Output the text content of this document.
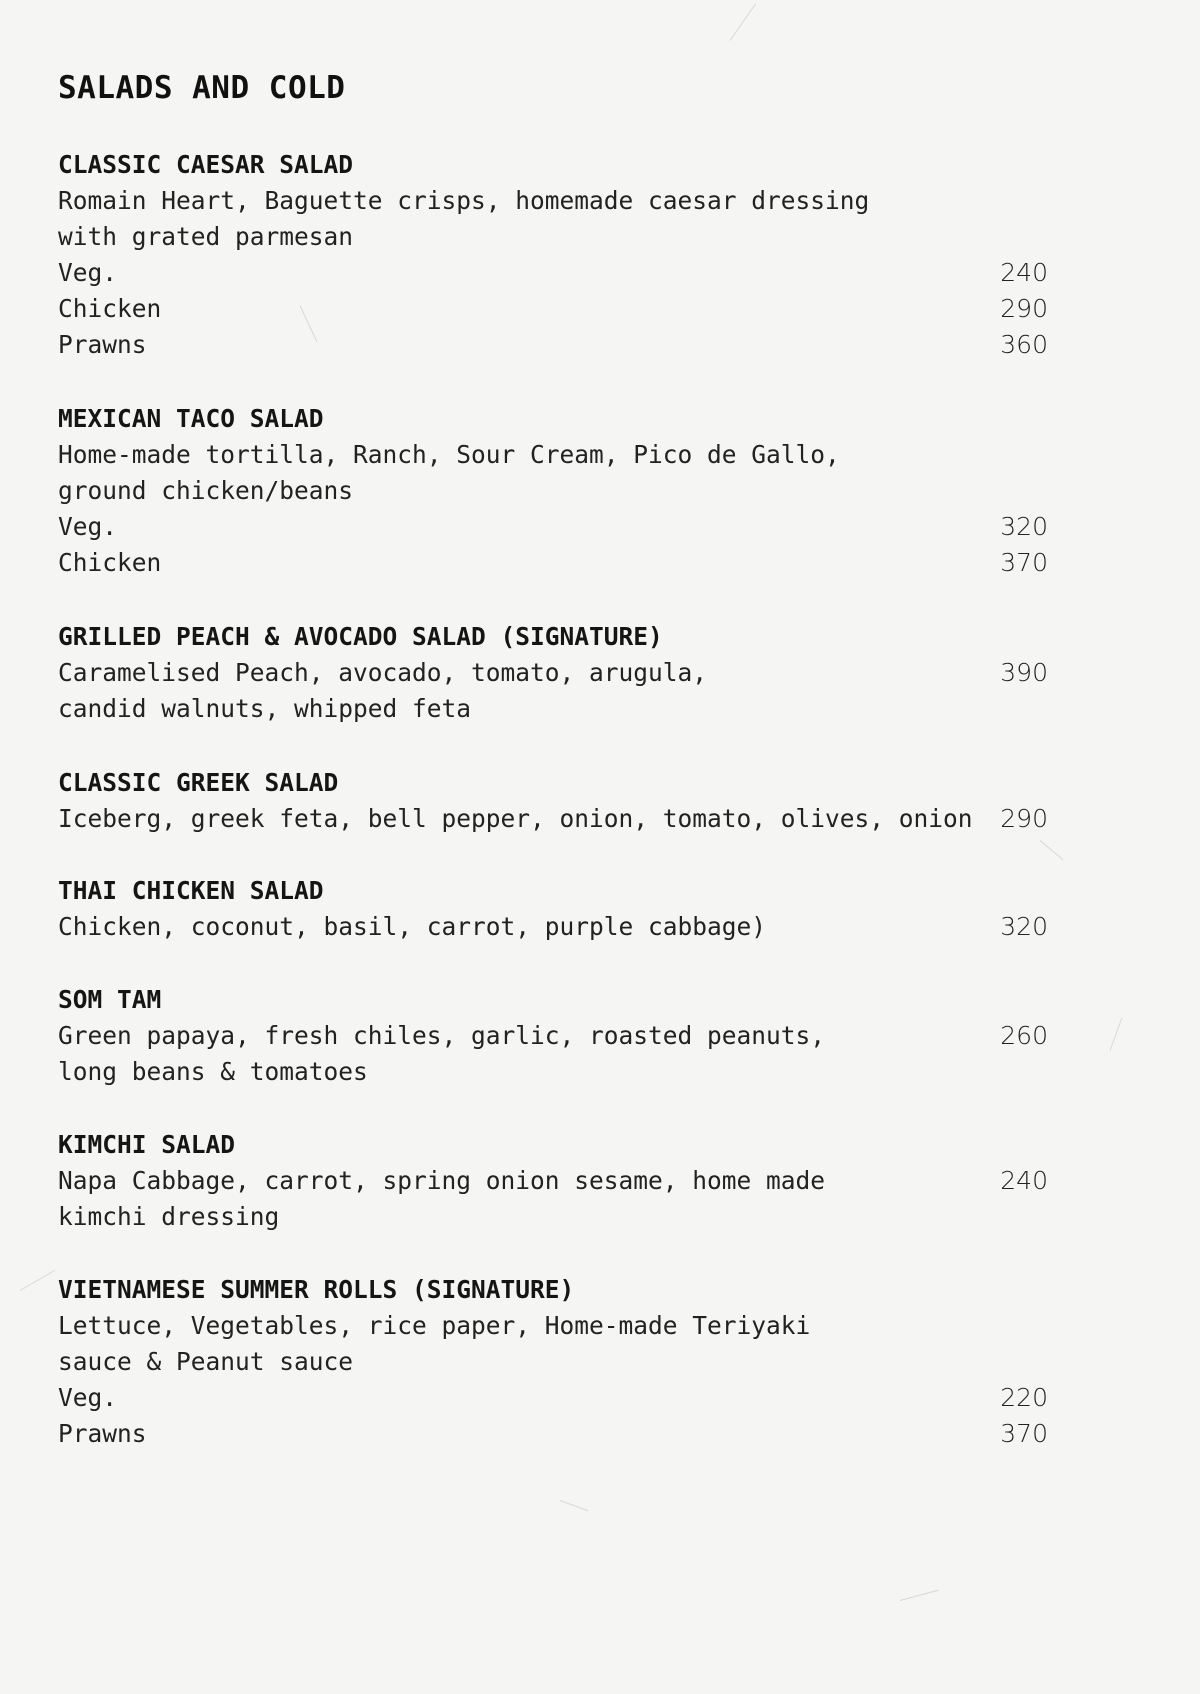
SALADS AND COLD
CLASSIC CAESAR SALAD
Romain Heart, Baguette crisps, homemade caesar dressing
with grated parmesan
Veg.	240
Chicken	290
Prawns	360
MEXICAN TACO SALAD
Home-made tortilla, Ranch, Sour Cream, Pico de Gallo,
ground chicken/beans
Veg.	320
Chicken	370
GRILLED PEACH & AVOCADO SALAD (SIGNATURE)
Caramelised Peach, avocado, tomato, arugula,	390
candid walnuts, whipped feta
CLASSIC GREEK SALAD
Iceberg, greek feta, bell pepper, onion, tomato, olives, onion 290
THAI CHICKEN SALAD
Chicken, coconut, basil, carrot, purple cabbage)	320
SOM TAM
Green papaya, fresh chiles, garlic, roasted peanuts,	260
long beans & tomatoes
KIMCHI SALAD
Napa Cabbage, carrot, spring onion sesame, home made	240
kimchi dressing
VIETNAMESE SUMMER ROLLS (SIGNATURE)
Lettuce, Vegetables, rice paper, Home-made Teriyaki
sauce & Peanut sauce
Veg.	220
Prawns	370
